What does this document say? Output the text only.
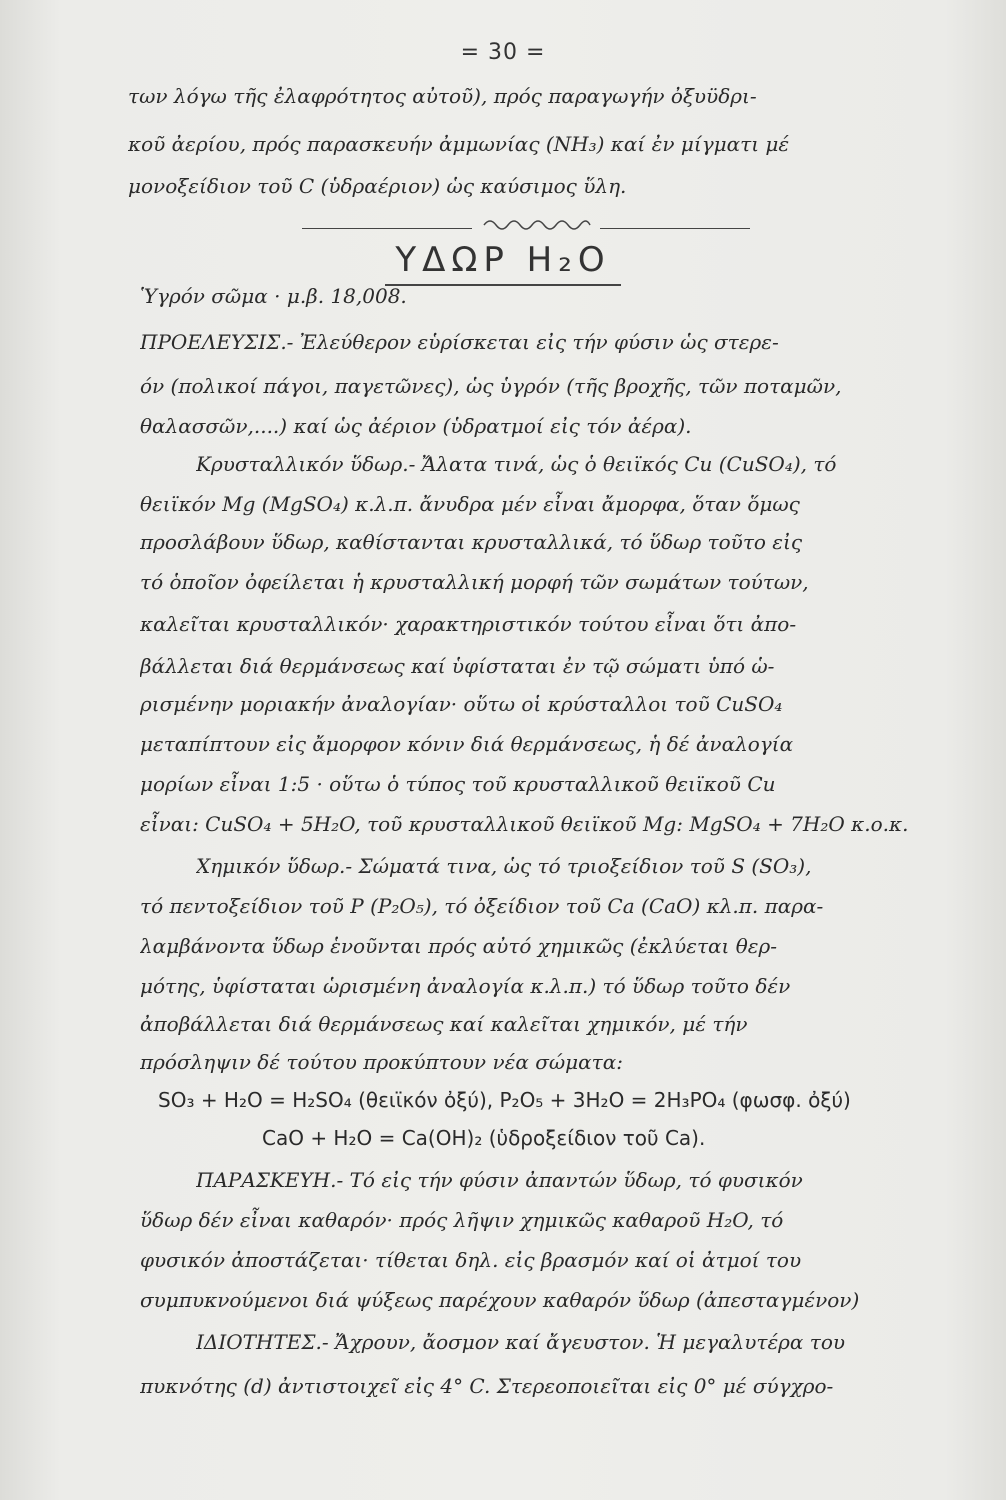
= 30 =
των λόγω τῆς ἐλαφρότητος αὐτοῦ), πρός παραγωγήν ὀξυϋδρι-
κοῦ ἀερίου, πρός παρασκευήν ἀμμωνίας (NH₃) καί ἐν μίγματι μέ
μονοξείδιον τοῦ C (ὑδραέριον) ὡς καύσιμος ὕλη.
ΥΔΩΡ H₂O
Ὑγρόν σῶμα · μ.β. 18,008.
ΠΡΟΕΛΕΥΣΙΣ.- Ἐλεύθερον εὑρίσκεται εἰς τήν φύσιν ὡς στερε-
όν (πολικοί πάγοι, παγετῶνες), ὡς ὑγρόν (τῆς βροχῆς, τῶν ποταμῶν,
θαλασσῶν,....) καί ὡς ἀέριον (ὑδρατμοί εἰς τόν ἀέρα).
Κρυσταλλικόν ὕδωρ.- Ἄλατα τινά, ὡς ὁ θειϊκός Cu (CuSO₄), τό
θειϊκόν Mg (MgSO₄) κ.λ.π. ἄνυδρα μέν εἶναι ἄμορφα, ὅταν ὅμως
προσλάβουν ὕδωρ, καθίστανται κρυσταλλικά, τό ὕδωρ τοῦτο εἰς
τό ὁποῖον ὀφείλεται ἡ κρυσταλλική μορφή τῶν σωμάτων τούτων,
καλεῖται κρυσταλλικόν· χαρακτηριστικόν τούτου εἶναι ὅτι ἀπο-
βάλλεται διά θερμάνσεως καί ὑφίσταται ἐν τῷ σώματι ὑπό ὡ-
ρισμένην μοριακήν ἀναλογίαν· οὕτω οἱ κρύσταλλοι τοῦ CuSO₄
μεταπίπτουν εἰς ἄμορφον κόνιν διά θερμάνσεως, ἡ δέ ἀναλογία
μορίων εἶναι 1:5 · οὕτω ὁ τύπος τοῦ κρυσταλλικοῦ θειϊκοῦ Cu
εἶναι: CuSO₄ + 5H₂O, τοῦ κρυσταλλικοῦ θειϊκοῦ Mg: MgSO₄ + 7H₂O κ.ο.κ.
Χημικόν ὕδωρ.- Σώματά τινα, ὡς τό τριοξείδιον τοῦ S (SO₃),
τό πεντοξείδιον τοῦ P (P₂O₅), τό ὀξείδιον τοῦ Ca (CaO) κλ.π. παρα-
λαμβάνοντα ὕδωρ ἑνοῦνται πρός αὐτό χημικῶς (ἐκλύεται θερ-
μότης, ὑφίσταται ὡρισμένη ἀναλογία κ.λ.π.) τό ὕδωρ τοῦτο δέν
ἀποβάλλεται διά θερμάνσεως καί καλεῖται χημικόν, μέ τήν
πρόσληψιν δέ τούτου προκύπτουν νέα σώματα:
SO₃ + H₂O = H₂SO₄ (θειϊκόν ὀξύ), P₂O₅ + 3H₂O = 2H₃PO₄ (φωσφ. ὀξύ)
CaO + H₂O = Ca(OH)₂ (ὑδροξείδιον τοῦ Ca).
ΠΑΡΑΣΚΕΥΗ.- Τό εἰς τήν φύσιν ἀπαντών ὕδωρ, τό φυσικόν
ὕδωρ δέν εἶναι καθαρόν· πρός λῆψιν χημικῶς καθαροῦ H₂O, τό
φυσικόν ἀποστάζεται· τίθεται δηλ. εἰς βρασμόν καί οἱ ἀτμοί του
συμπυκνούμενοι διά ψύξεως παρέχουν καθαρόν ὕδωρ (ἀπεσταγμένον)
ΙΔΙΟΤΗΤΕΣ.- Ἄχρουν, ἄοσμον καί ἄγευστον. Ἡ μεγαλυτέρα του
πυκνότης (d) ἀντιστοιχεῖ εἰς 4° C. Στερεοποιεῖται εἰς 0° μέ σύγχρο-
